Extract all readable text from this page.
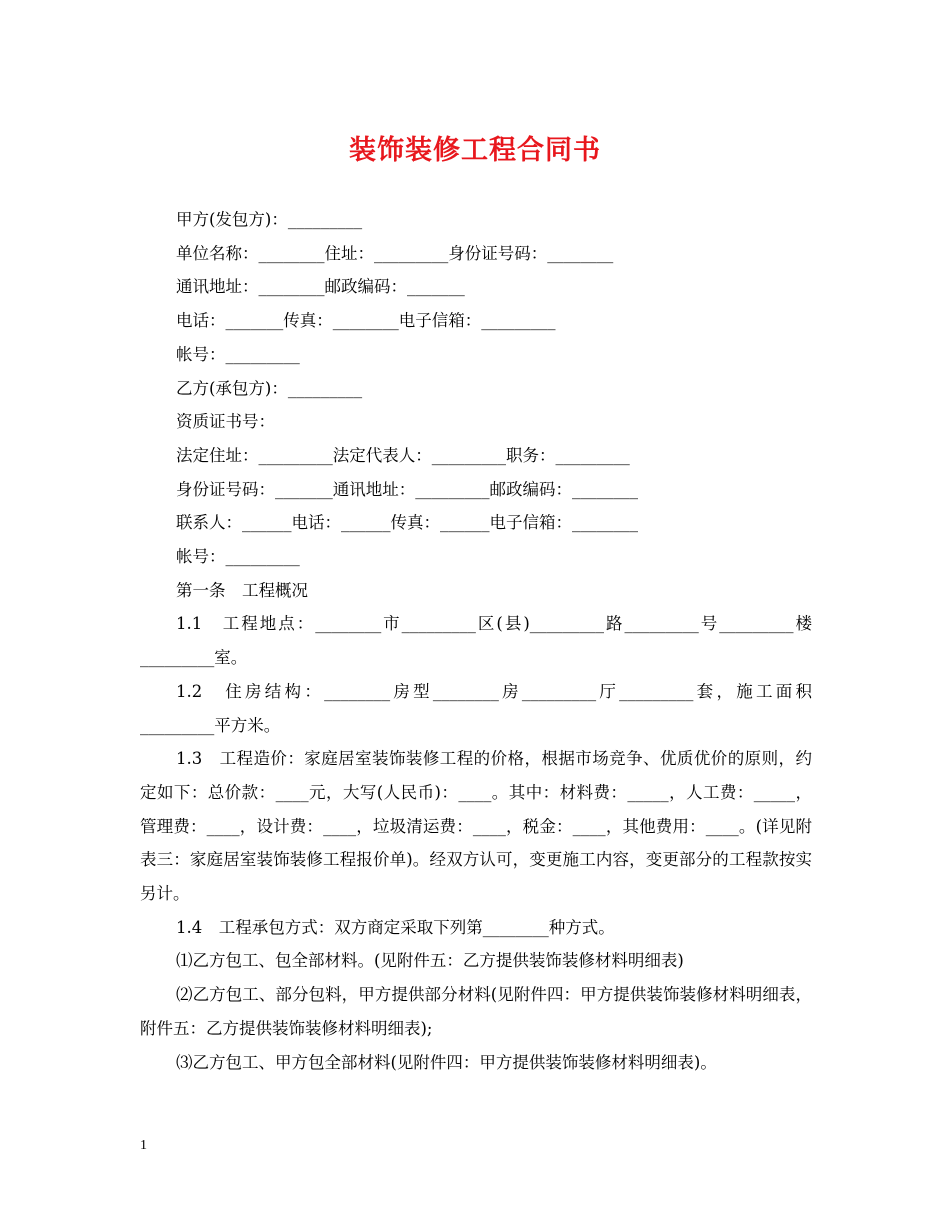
装饰装修工程合同书
甲方(发包方)：_________
单位名称：________住址：_________身份证号码：________
通讯地址：________邮政编码：_______
电话：_______传真：________电子信箱：_________
帐号：_________
乙方(承包方)：_________
资质证书号：
法定住址：_________法定代表人：_________职务：_________
身份证号码：_______通讯地址：_________邮政编码：________
联系人：______电话：______传真：______电子信箱：________
帐号：_________
第一条　工程概况
1.1　工程地点：________市_________区(县)_________路_________号_________楼_________室。
1.2　住房结构：________房型________房_________厅_________套，施工面积_________平方米。
1.3　工程造价：家庭居室装饰装修工程的价格，根据市场竞争、优质优价的原则，约定如下：总价款：____元，大写(人民币)：____。其中：材料费：_____，人工费：_____，管理费：____，设计费：____，垃圾清运费：____，税金：____，其他费用：____。(详见附表三：家庭居室装饰装修工程报价单)。经双方认可，变更施工内容，变更部分的工程款按实另计。
1.4　工程承包方式：双方商定采取下列第________种方式。
⑴乙方包工、包全部材料。(见附件五：乙方提供装饰装修材料明细表)
⑵乙方包工、部分包料，甲方提供部分材料(见附件四：甲方提供装饰装修材料明细表，附件五：乙方提供装饰装修材料明细表);
⑶乙方包工、甲方包全部材料(见附件四：甲方提供装饰装修材料明细表)。
1
